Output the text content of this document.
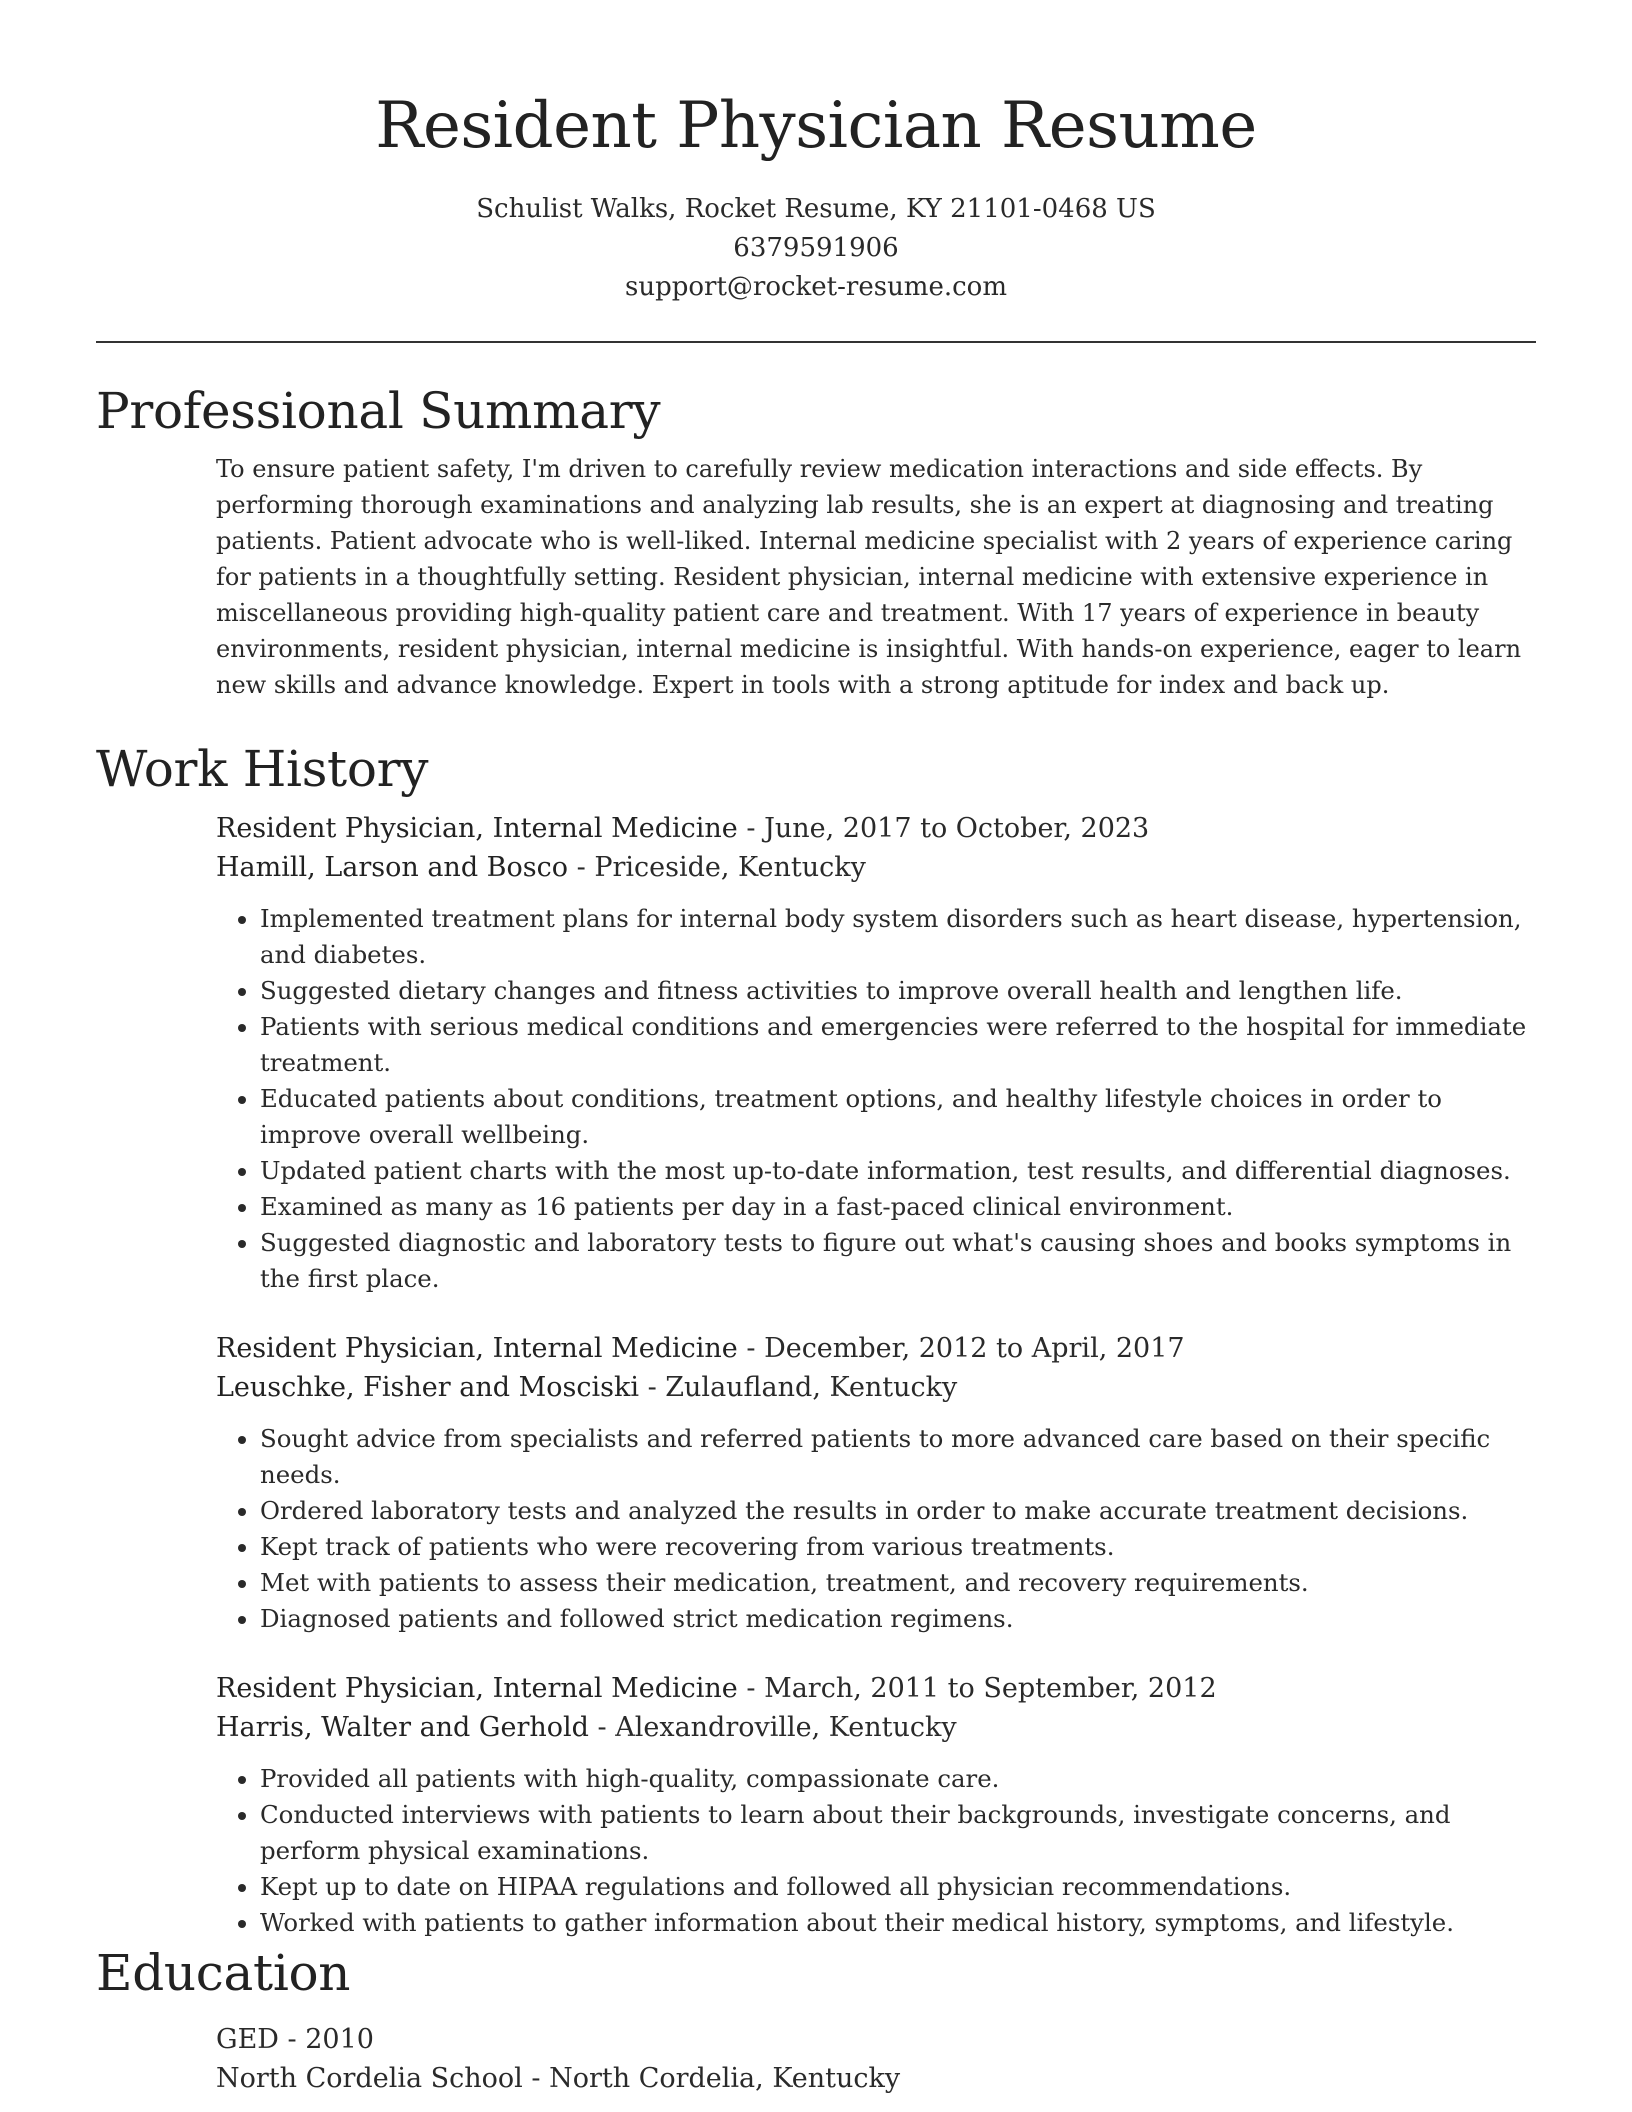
Resident Physician Resume
Schulist Walks, Rocket Resume, KY 21101-0468 US
6379591906
support@rocket-resume.com
Professional Summary

To ensure patient safety, I'm driven to carefully review medication interactions and side effects. By performing thorough examinations and analyzing lab results, she is an expert at diagnosing and treating patients. Patient advocate who is well-liked. Internal medicine specialist with 2 years of experience caring for patients in a thoughtfully setting. Resident physician, internal medicine with extensive experience in miscellaneous providing high-quality patient care and treatment. With 17 years of experience in beauty environments, resident physician, internal medicine is insightful. With hands-on experience, eager to learn new skills and advance knowledge. Expert in tools with a strong aptitude for index and back up.

Work History
Resident Physician, Internal Medicine - June, 2017 to October, 2023
Hamill, Larson and Bosco - Priceside, Kentucky
• Implemented treatment plans for internal body system disorders such as heart disease, hypertension, and diabetes.
• Suggested dietary changes and fitness activities to improve overall health and lengthen life.
• Patients with serious medical conditions and emergencies were referred to the hospital for immediate treatment.
• Educated patients about conditions, treatment options, and healthy lifestyle choices in order to improve overall wellbeing.
• Updated patient charts with the most up-to-date information, test results, and differential diagnoses.
• Examined as many as 16 patients per day in a fast-paced clinical environment.
• Suggested diagnostic and laboratory tests to figure out what's causing shoes and books symptoms in the first place.
Resident Physician, Internal Medicine - December, 2012 to April, 2017
Leuschke, Fisher and Mosciski - Zulaufland, Kentucky
• Sought advice from specialists and referred patients to more advanced care based on their specific needs.
• Ordered laboratory tests and analyzed the results in order to make accurate treatment decisions.
• Kept track of patients who were recovering from various treatments.
• Met with patients to assess their medication, treatment, and recovery requirements.
• Diagnosed patients and followed strict medication regimens.
Resident Physician, Internal Medicine - March, 2011 to September, 2012
Harris, Walter and Gerhold - Alexandroville, Kentucky
• Provided all patients with high-quality, compassionate care.
• Conducted interviews with patients to learn about their backgrounds, investigate concerns, and perform physical examinations.
• Kept up to date on HIPAA regulations and followed all physician recommendations.
• Worked with patients to gather information about their medical history, symptoms, and lifestyle.
Education
GED - 2010
North Cordelia School - North Cordelia, Kentucky
